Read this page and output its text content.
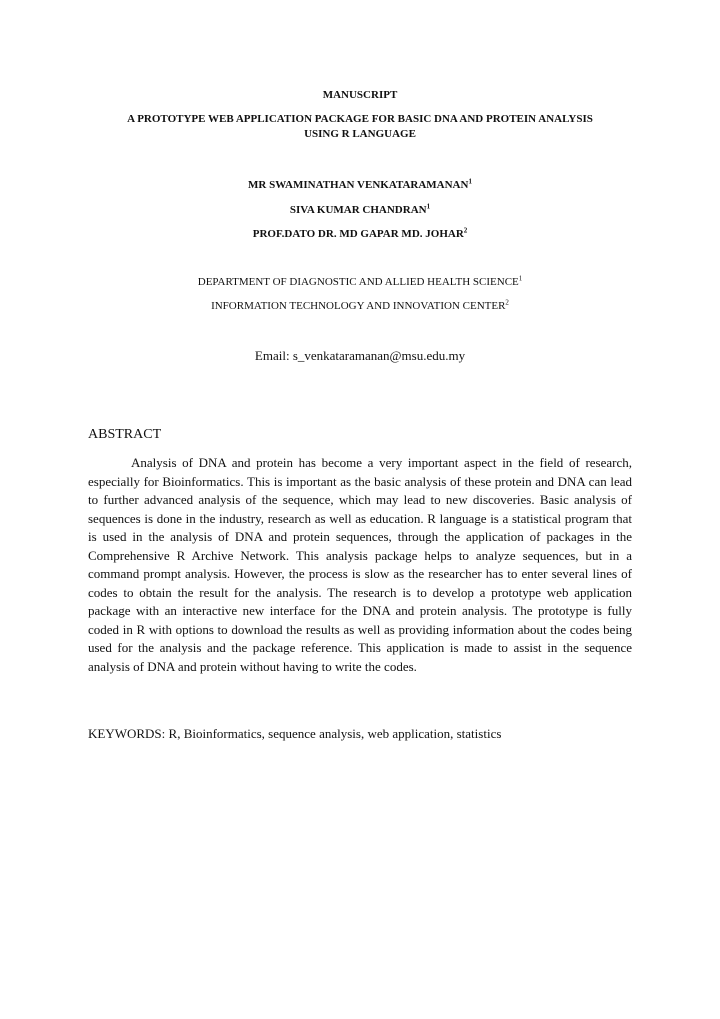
MANUSCRIPT
A PROTOTYPE WEB APPLICATION PACKAGE FOR BASIC DNA AND PROTEIN ANALYSIS
USING R LANGUAGE
MR SWAMINATHAN VENKATARAMANAN$^1$
SIVA KUMAR CHANDRAN$^1$
PROF.DATO DR. MD GAPAR MD. JOHAR$^2$
DEPARTMENT OF DIAGNOSTIC AND ALLIED HEALTH SCIENCE$^1$
INFORMATION TECHNOLOGY AND INNOVATION CENTER$^2$
Email: s_venkataramanan@msu.edu.my
ABSTRACT

Analysis of DNA and protein has become a very important aspect in the field of research, especially for Bioinformatics. This is important as the basic analysis of these protein and DNA can lead to further advanced analysis of the sequence, which may lead to new discoveries. Basic analysis of sequences is done in the industry, research as well as education. R language is a statistical program that is used in the analysis of DNA and protein sequences, through the application of packages in the Comprehensive R Archive Network. This analysis package helps to analyze sequences, but in a command prompt analysis. However, the process is slow as the researcher has to enter several lines of codes to obtain the result for the analysis. The research is to develop a prototype web application package with an interactive new interface for the DNA and protein analysis. The prototype is fully coded in R with options to download the results as well as providing information about the codes being used for the analysis and the package reference. This application is made to assist in the sequence analysis of DNA and protein without having to write the codes.

KEYWORDS: R, Bioinformatics, sequence analysis, web application, statistics
